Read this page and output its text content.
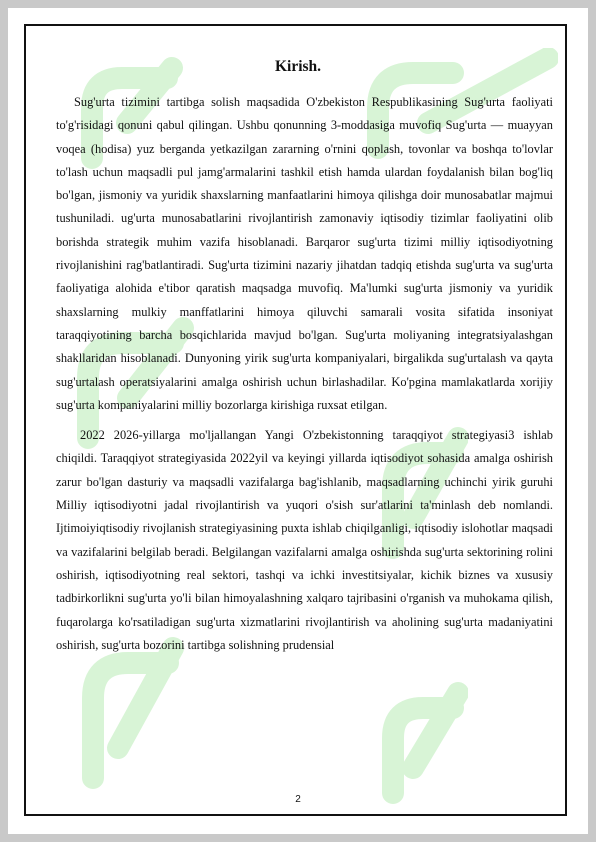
Kirish.

Sug'urta tizimini tartibga solish maqsadida O'zbekiston Respublikasining Sug'urta faoliyati to'g'risidagi qonuni qabul qilingan. Ushbu qonunning 3-moddasiga muvofiq Sug'urta — muayyan voqea (hodisa) yuz berganda yetkazilgan zararning o'rnini qoplash, tovonlar va boshqa to'lovlar to'lash uchun maqsadli pul jamg'armalarini tashkil etish hamda ulardan foydalanish bilan bog'liq bo'lgan, jismoniy va yuridik shaxslarning manfaatlarini himoya qilishga doir munosabatlar majmui tushuniladi. ug'urta munosabatlarini rivojlantirish zamonaviy iqtisodiy tizimlar faoliyatini olib borishda strategik muhim vazifa hisoblanadi. Barqaror sug'urta tizimi milliy iqtisodiyotning rivojlanishini rag'batlantiradi. Sug'urta tizimini nazariy jihatdan tadqiq etishda sug'urta va sug'urta faoliyatiga alohida e'tibor qaratish maqsadga muvofiq. Ma'lumki sug'urta jismoniy va yuridik shaxslarning mulkiy manffatlarini himoya qiluvchi samarali vosita sifatida insoniyat taraqqiyotining barcha bosqichlarida mavjud bo'lgan. Sug'urta moliyaning integratsiyalashgan shakllaridan hisoblanadi. Dunyoning yirik sug'urta kompaniyalari, birgalikda sug'urtalash va qayta sug'urtalash operatsiyalarini amalga oshirish uchun birlashadilar. Ko'pgina mamlakatlarda xorijiy sug'urta kompaniyalarini milliy bozorlarga kirishiga ruxsat etilgan.

2022 2026-yillarga mo'ljallangan Yangi O'zbekistonning taraqqiyot strategiyasi3 ishlab chiqildi. Taraqqiyot strategiyasida 2022yil va keyingi yillarda iqtisodiyot sohasida amalga oshirish zarur bo'lgan dasturiy va maqsadli vazifalarga bag'ishlanib, maqsadlarning uchinchi yirik guruhi Milliy iqtisodiyotni jadal rivojlantirish va yuqori o'sish sur'atlarini ta'minlash deb nomlandi. Ijtimoiyiqtisodiy rivojlanish strategiyasining puxta ishlab chiqilganligi, iqtisodiy islohotlar maqsadi va vazifalarini belgilab beradi. Belgilangan vazifalarni amalga oshirishda sug'urta sektorining rolini oshirish, iqtisodiyotning real sektori, tashqi va ichki investitsiyalar, kichik biznes va xususiy tadbirkorlikni sug'urta yo'li bilan himoyalashning xalqaro tajribasini o'rganish va muhokama qilish, fuqarolarga ko'rsatiladigan sug'urta xizmatlarini rivojlantirish va aholining sug'urta madaniyatini oshirish, sug'urta bozorini tartibga solishning prudensial

2
